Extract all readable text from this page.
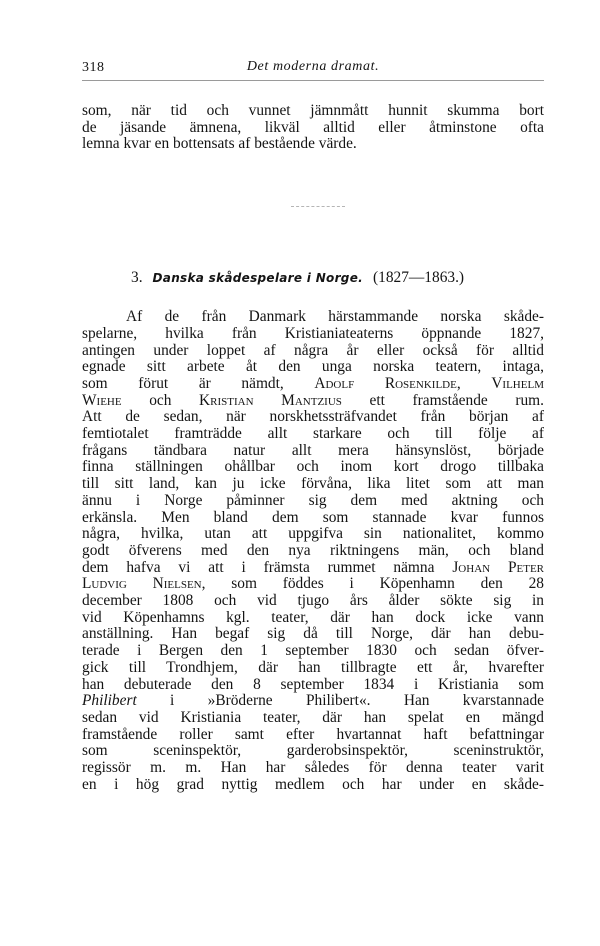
318	Det moderna dramat.

som, när tid och vunnet jämnmått hunnit skumma bort
de jäsande ämnena, likväl alltid eller åtminstone ofta
lemna kvar en bottensats af bestående värde.

3. Danska skådespelare i Norge. (1827—1863.)

Af de från Danmark härstammande norska skåde-
spelarne, hvilka från Kristianiateaterns öppnande 1827,
antingen under loppet af några år eller också för alltid
egnade sitt arbete åt den unga norska teatern, intaga,
som förut är nämdt, Adolf Rosenkilde, Vilhelm
Wiehe och Kristian Mantzius ett framstående rum.
Att de sedan, när norskhetssträfvandet från början af
femtiotalet framträdde allt starkare och till följe af
frågans tändbara natur allt mera hänsynslöst, började
finna ställningen ohållbar och inom kort drogo tillbaka
till sitt land, kan ju icke förvåna, lika litet som att man
ännu i Norge påminner sig dem med aktning och
erkänsla. Men bland dem som stannade kvar funnos
några, hvilka, utan att uppgifva sin nationalitet, kommo
godt öfverens med den nya riktningens män, och bland
dem hafva vi att i främsta rummet nämna Johan Peter
Ludvig Nielsen, som föddes i Köpenhamn den 28
december 1808 och vid tjugo års ålder sökte sig in
vid Köpenhamns kgl. teater, där han dock icke vann
anställning. Han begaf sig då till Norge, där han debu-
terade i Bergen den 1 september 1830 och sedan öfver-
gick till Trondhjem, där han tillbragte ett år, hvarefter
han debuterade den 8 september 1834 i Kristiania som
Philibert i »Bröderne Philibert«. Han kvarstannade
sedan vid Kristiania teater, där han spelat en mängd
framstående roller samt efter hvartannat haft befattningar
som sceninspektör, garderobsinspektör, sceninstruktör,
regissör m. m. Han har således för denna teater varit
en i hög grad nyttig medlem och har under en skåde-
